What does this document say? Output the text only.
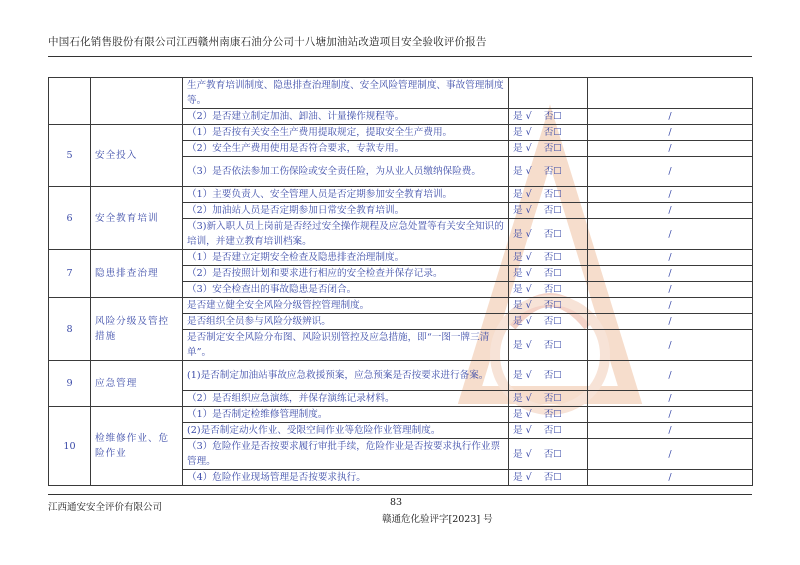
中国石化销售股份有限公司江西赣州南康石油分公司十八塘加油站改造项目安全验收评价报告
		生产教育培训制度、隐患排查治理制度、安全风险管理制度、事故管理制度等。		
		（2）是否建立制定加油、卸油、计量操作规程等。	是 √ 否☐	/
5	安全投入	（1）是否按有关安全生产费用提取规定，提取安全生产费用。	是 √ 否☐	/
		（2）安全生产费用使用是否符合要求，专款专用。	是 √ 否☐	/
		（3）是否依法参加工伤保险或安全责任险，为从业人员缴纳保险费。	是 √ 否☐	/
6	安全教育培训	（1）主要负责人、安全管理人员是否定期参加安全教育培训。	是 √ 否☐	/
		（2）加油站人员是否定期参加日常安全教育培训。	是 √ 否☐	/
		（3)新入职人员上岗前是否经过安全操作规程及应急处置等有关安全知识的培训，并建立教育培训档案。	是 √ 否☐	/
7	隐患排查治理	（1）是否建立定期安全检查及隐患排查治理制度。	是 √ 否☐	/
		（2）是否按照计划和要求进行相应的安全检查并保存记录。	是 √ 否☐	/
		（3）安全检查出的事故隐患是否闭合。	是 √ 否☐	/
8	风险分级及管控措施	是否建立健全安全风险分级管控管理制度。	是 √ 否☐	/
		是否组织全员参与风险分级辨识。	是 √ 否☐	/
		是否制定安全风险分布图、风险识别管控及应急措施，即“一图一牌三清单”。	是 √ 否☐	/
9	应急管理	(1)是否制定加油站事故应急救援预案，应急预案是否按要求进行备案。	是 √ 否☐	/
		（2）是否组织应急演练，并保存演练记录材料。	是 √ 否☐	/
10	检维修作业、危险作业	（1）是否制定检维修管理制度。	是 √ 否☐	/
		(2)是否制定动火作业、受限空间作业等危险作业管理制度。	是 √ 否☐	/
		（3）危险作业是否按要求履行审批手续，危险作业是否按要求执行作业票管理。	是 √ 否☐	/
		（4）危险作业现场管理是否按要求执行。	是 √ 否☐	/
江西通安安全评价有限公司	83
赣通危化验评字[2023] 号
